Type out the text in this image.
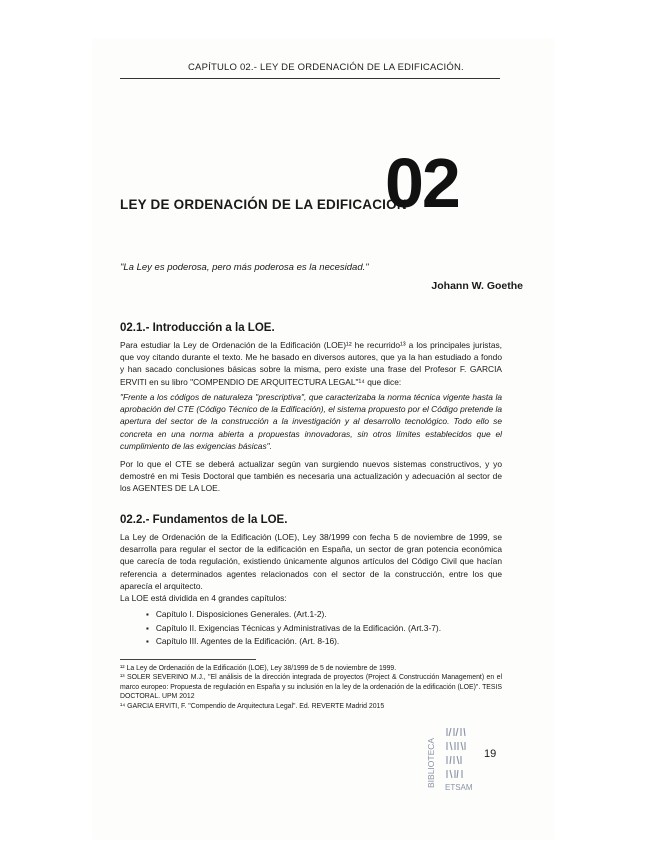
CAPÍTULO 02.- LEY DE ORDENACIÓN DE LA EDIFICACIÓN.
LEY DE ORDENACIÓN DE LA EDIFICACIÓN
02
"La Ley es poderosa, pero más poderosa es la necesidad."
Johann W. Goethe
02.1.- Introducción a la LOE.
Para estudiar la Ley de Ordenación de la Edificación (LOE)¹² he recurrido¹³ a los principales juristas, que voy citando durante el texto. Me he basado en diversos autores, que ya la han estudiado a fondo y han sacado conclusiones básicas sobre la misma, pero existe una frase del Profesor F. GARCIA ERVITI en su libro "COMPENDIO DE ARQUITECTURA LEGAL"¹⁴ que dice:
"Frente a los códigos de naturaleza "prescriptiva", que caracterizaba la norma técnica vigente hasta la aprobación del CTE (Código Técnico de la Edificación), el sistema propuesto por el Código pretende la apertura del sector de la construcción a la investigación y al desarrollo tecnológico. Todo ello se concreta en una norma abierta a propuestas innovadoras, sin otros límites establecidos que el cumplimiento de las exigencias básicas".
Por lo que el CTE se deberá actualizar según van surgiendo nuevos sistemas constructivos, y yo demostré en mi Tesis Doctoral que también es necesaria una actualización y adecuación al sector de los AGENTES DE LA LOE.
02.2.- Fundamentos de la LOE.
La Ley de Ordenación de la Edificación (LOE), Ley 38/1999 con fecha 5 de noviembre de 1999, se desarrolla para regular el sector de la edificación en España, un sector de gran potencia económica que carecía de toda regulación, existiendo únicamente algunos artículos del Código Civil que hacían referencia a determinados agentes relacionados con el sector de la construcción, entre los que aparecía el arquitecto.
La LOE está dividida en 4 grandes capítulos:
▪ Capítulo I. Disposiciones Generales. (Art.1-2).
▪ Capítulo II. Exigencias Técnicas y Administrativas de la Edificación. (Art.3-7).
▪ Capítulo III. Agentes de la Edificación. (Art. 8-16).
¹² La Ley de Ordenación de la Edificación (LOE), Ley 38/1999 de 5 de noviembre de 1999.
¹³ SOLER SEVERINO M.J., "El análisis de la dirección integrada de proyectos (Project & Construcción Management) en el marco europeo: Propuesta de regulación en España y su inclusión en la ley de la ordenación de la edificación (LOE)". TESIS DOCTORAL. UPM 2012
¹⁴ GARCIA ERVITI, F. "Compendio de Arquitectura Legal". Ed. REVERTE Madrid 2015
BIBLIOTECA ETSAM
19
